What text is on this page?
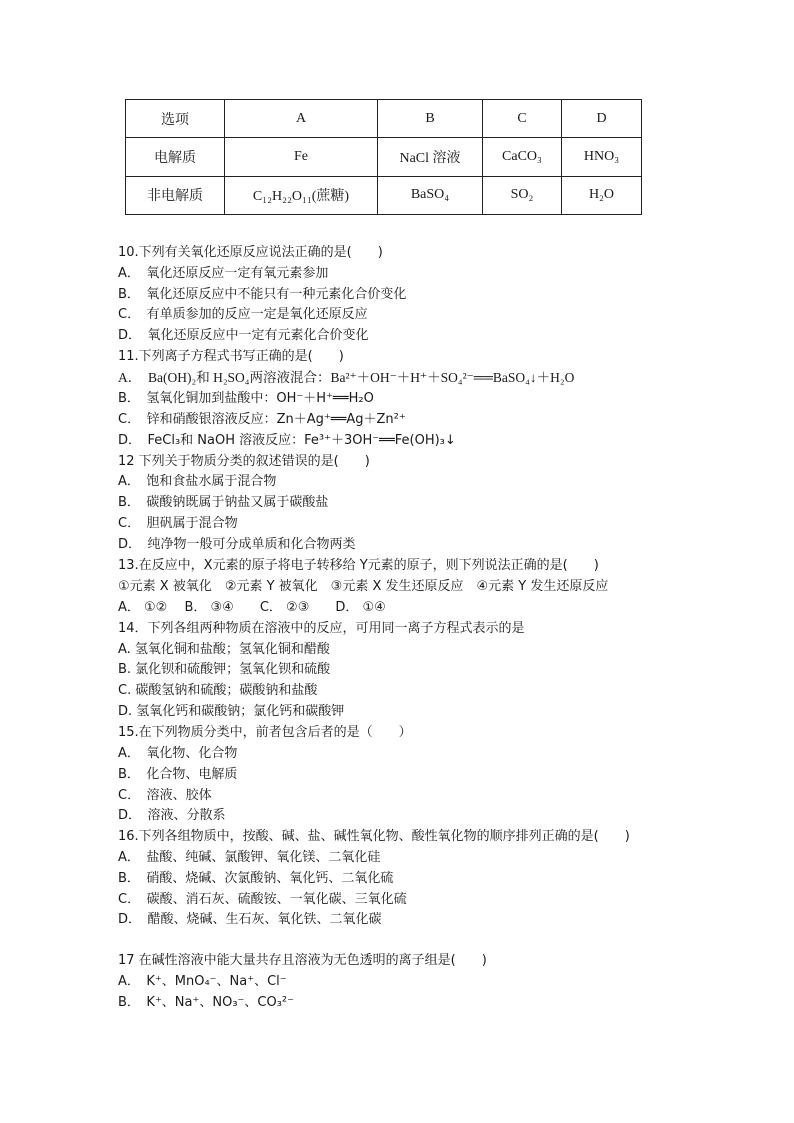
选项	A	B	C	D
电解质	Fe	NaCl 溶液	CaCO₃	HNO₃
非电解质	C₁₂H₂₂O₁₁(蔗糖)	BaSO₄	SO₂	H₂O
10.下列有关氧化还原反应说法正确的是(　　)
A．　氧化还原反应一定有氧元素参加
B．　氧化还原反应中不能只有一种元素化合价变化
C．　有单质参加的反应一定是氧化还原反应
D．　氧化还原反应中一定有元素化合价变化
11.下列离子方程式书写正确的是(　　)
A．　Ba(OH)₂和 H₂SO₄两溶液混合：Ba²⁺＋OH⁻＋H⁺＋SO₄²⁻══BaSO₄↓＋H₂O
B．　氢氧化铜加到盐酸中：OH⁻＋H⁺══H₂O
C．　锌和硝酸银溶液反应：Zn＋Ag⁺══Ag＋Zn²⁺
D．　FeCl₃和 NaOH 溶液反应：Fe³⁺＋3OH⁻══Fe(OH)₃↓
12 下列关于物质分类的叙述错误的是(　　)
A．　饱和食盐水属于混合物
B．　碳酸钠既属于钠盐又属于碳酸盐
C．　胆矾属于混合物
D．　纯净物一般可分成单质和化合物两类
13.在反应中，X元素的原子将电子转移给 Y元素的原子，则下列说法正确的是(　　)
①元素 X 被氧化　②元素 Y 被氧化　③元素 X 发生还原反应　④元素 Y 发生还原反应
A． ①②　 B． ③④　　C． ②③　　D． ①④
14．下列各组两种物质在溶液中的反应，可用同一离子方程式表示的是
A. 氢氧化铜和盐酸；氢氧化铜和醋酸
B. 氯化钡和硫酸钾；氢氧化钡和硫酸
C. 碳酸氢钠和硫酸；碳酸钠和盐酸
D. 氢氧化钙和碳酸钠；氯化钙和碳酸钾
15.在下列物质分类中，前者包含后者的是（　　）
A．　氧化物、化合物
B．　化合物、电解质
C．　溶液、胶体
D．　溶液、分散系
16.下列各组物质中，按酸、碱、盐、碱性氧化物、酸性氧化物的顺序排列正确的是(　　)
A．　盐酸、纯碱、氯酸钾、氧化镁、二氧化硅
B．　硝酸、烧碱、次氯酸钠、氧化钙、二氧化硫
C．　碳酸、消石灰、硫酸铵、一氧化碳、三氧化硫
D．　醋酸、烧碱、生石灰、氧化铁、二氧化碳
17 在碱性溶液中能大量共存且溶液为无色透明的离子组是(　　)
A．　K⁺、MnO₄⁻、Na⁺、Cl⁻
B．　K⁺、Na⁺、NO₃⁻、CO₃²⁻
